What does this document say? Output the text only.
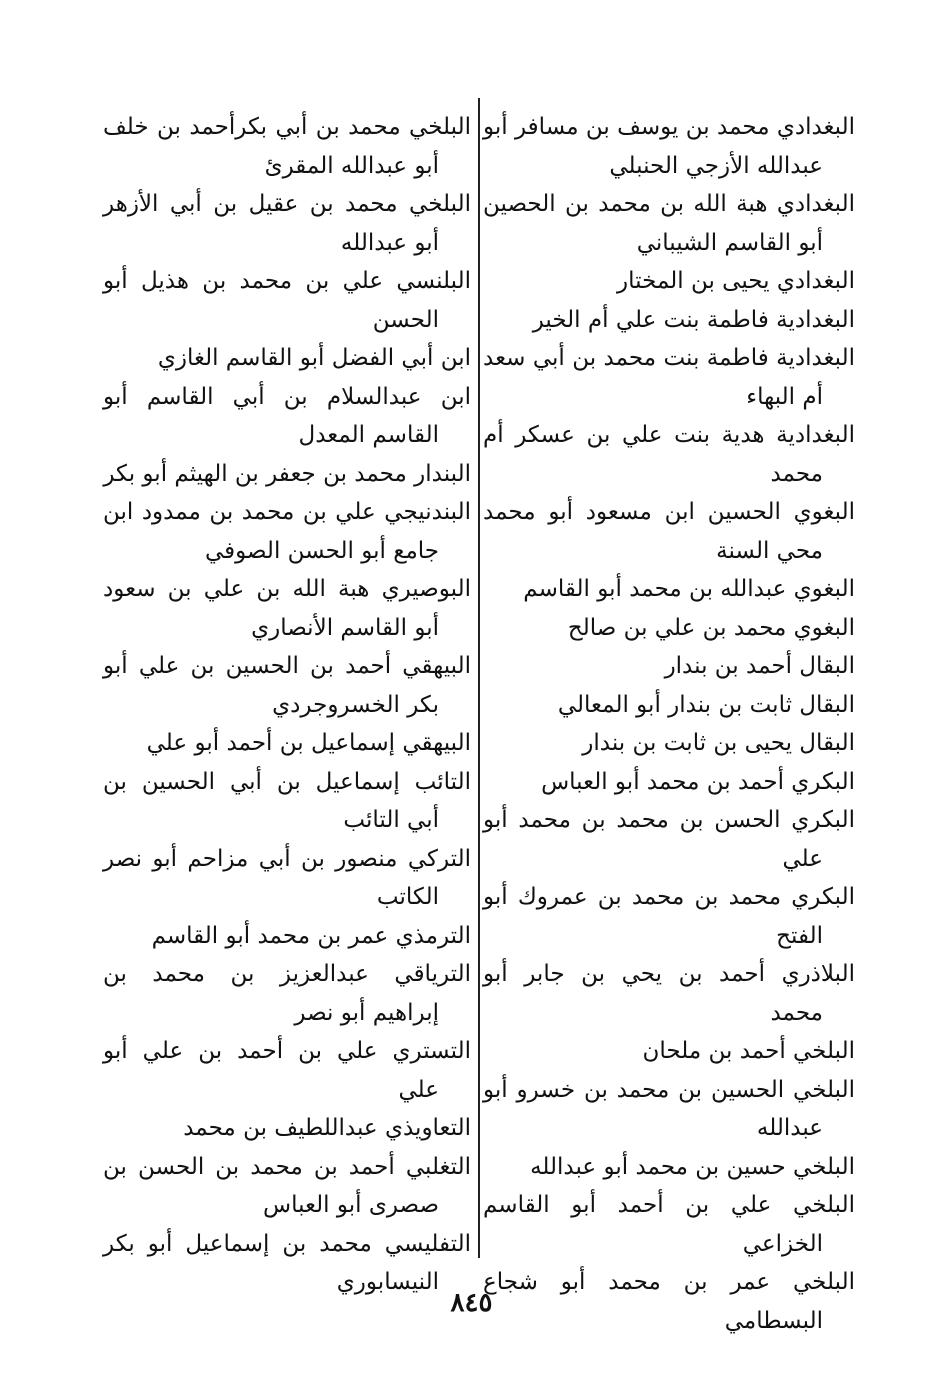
البغدادي محمد بن يوسف بن مسافر أبو عبدالله الأزجي الحنبلي

البغدادي هبة الله بن محمد بن الحصين أبو القاسم الشيباني

البغدادي يحيى بن المختار

البغدادية فاطمة بنت علي أم الخير

البغدادية فاطمة بنت محمد بن أبي سعد أم البهاء

البغدادية هدية بنت علي بن عسكر أم محمد

البغوي الحسين ابن مسعود أبو محمد محي السنة

البغوي عبدالله بن محمد أبو القاسم

البغوي محمد بن علي بن صالح

البقال أحمد بن بندار

البقال ثابت بن بندار أبو المعالي

البقال يحيى بن ثابت بن بندار

البكري أحمد بن محمد أبو العباس

البكري الحسن بن محمد بن محمد أبو علي

البكري محمد بن محمد بن عمروك أبو الفتح

البلاذري أحمد بن يحي بن جابر أبو محمد

البلخي أحمد بن ملحان

البلخي الحسين بن محمد بن خسرو أبو عبدالله

البلخي حسين بن محمد أبو عبدالله

البلخي علي بن أحمد أبو القاسم الخزاعي

البلخي عمر بن محمد أبو شجاع البسطامي

البلخي محمد بن أبي بكرأحمد بن خلف أبو عبدالله المقرئ

البلخي محمد بن عقيل بن أبي الأزهر أبو عبدالله

البلنسي علي بن محمد بن هذيل أبو الحسن

ابن أبي الفضل أبو القاسم الغازي

ابن عبدالسلام بن أبي القاسم أبو القاسم المعدل

البندار محمد بن جعفر بن الهيثم أبو بكر

البندنيجي علي بن محمد بن ممدود ابن جامع أبو الحسن الصوفي

البوصيري هبة الله بن علي بن سعود أبو القاسم الأنصاري

البيهقي أحمد بن الحسين بن علي أبو بكر الخسروجردي

البيهقي إسماعيل بن أحمد أبو علي

التائب إسماعيل بن أبي الحسين بن أبي التائب

التركي منصور بن أبي مزاحم أبو نصر الكاتب

الترمذي عمر بن محمد أبو القاسم

الترياقي عبدالعزيز بن محمد بن إبراهيم أبو نصر

التستري علي بن أحمد بن علي أبو علي

التعاويذي عبداللطيف بن محمد

التغلبي أحمد بن محمد بن الحسن بن صصرى أبو العباس

التفليسي محمد بن إسماعيل أبو بكر النيسابوري

٨٤٥
